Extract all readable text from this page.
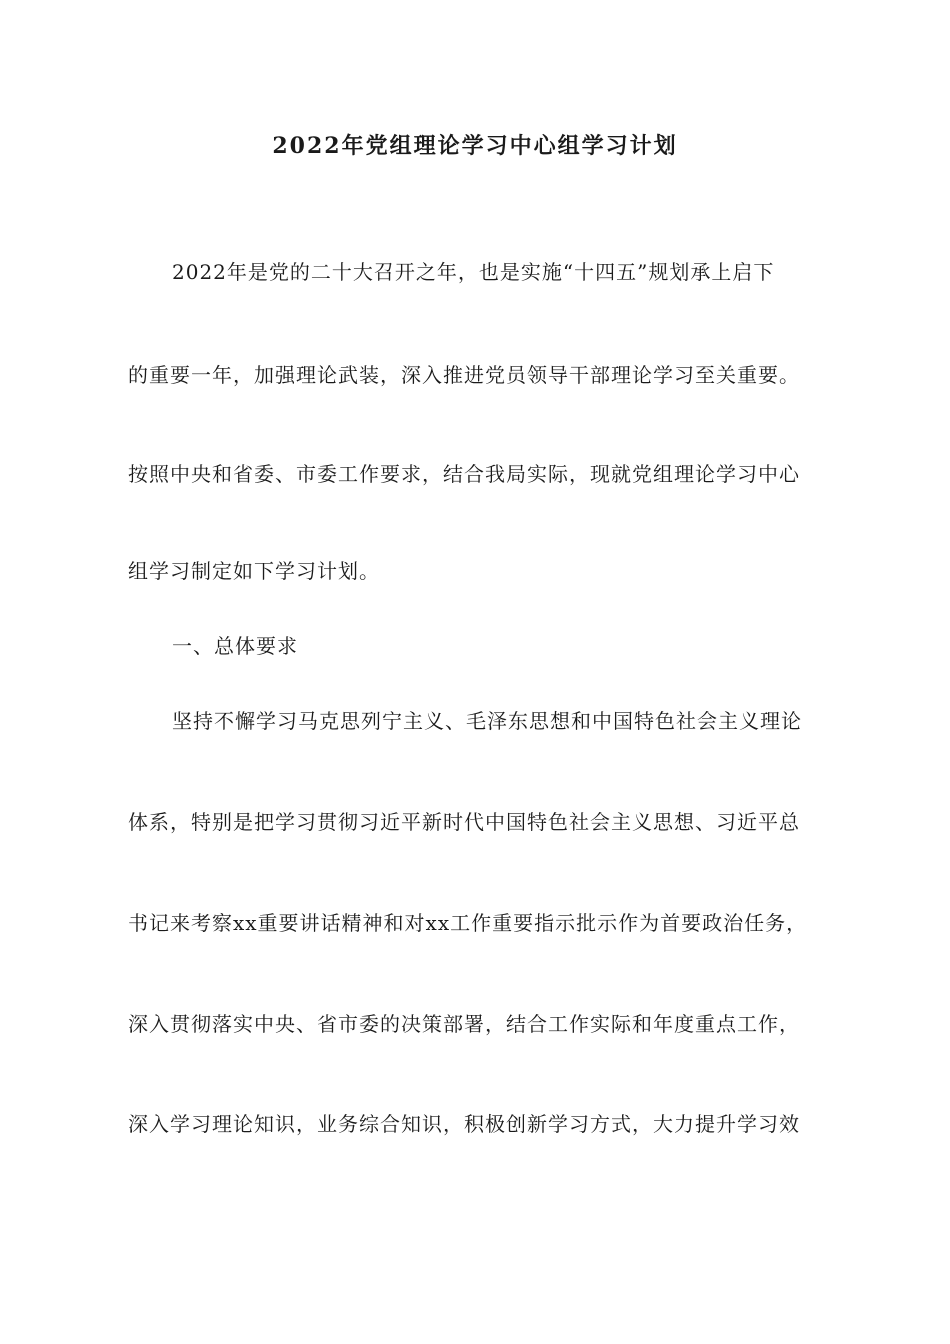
2022年党组理论学习中心组学习计划
2022年是党的二十大召开之年，也是实施“十四五”规划承上启下
的重要一年，加强理论武装，深入推进党员领导干部理论学习至关重要。
按照中央和省委、市委工作要求，结合我局实际，现就党组理论学习中心
组学习制定如下学习计划。
一、总体要求
坚持不懈学习马克思列宁主义、毛泽东思想和中国特色社会主义理论
体系，特别是把学习贯彻习近平新时代中国特色社会主义思想、习近平总
书记来考察xx重要讲话精神和对xx工作重要指示批示作为首要政治任务，
深入贯彻落实中央、省市委的决策部署，结合工作实际和年度重点工作，
深入学习理论知识，业务综合知识，积极创新学习方式，大力提升学习效
